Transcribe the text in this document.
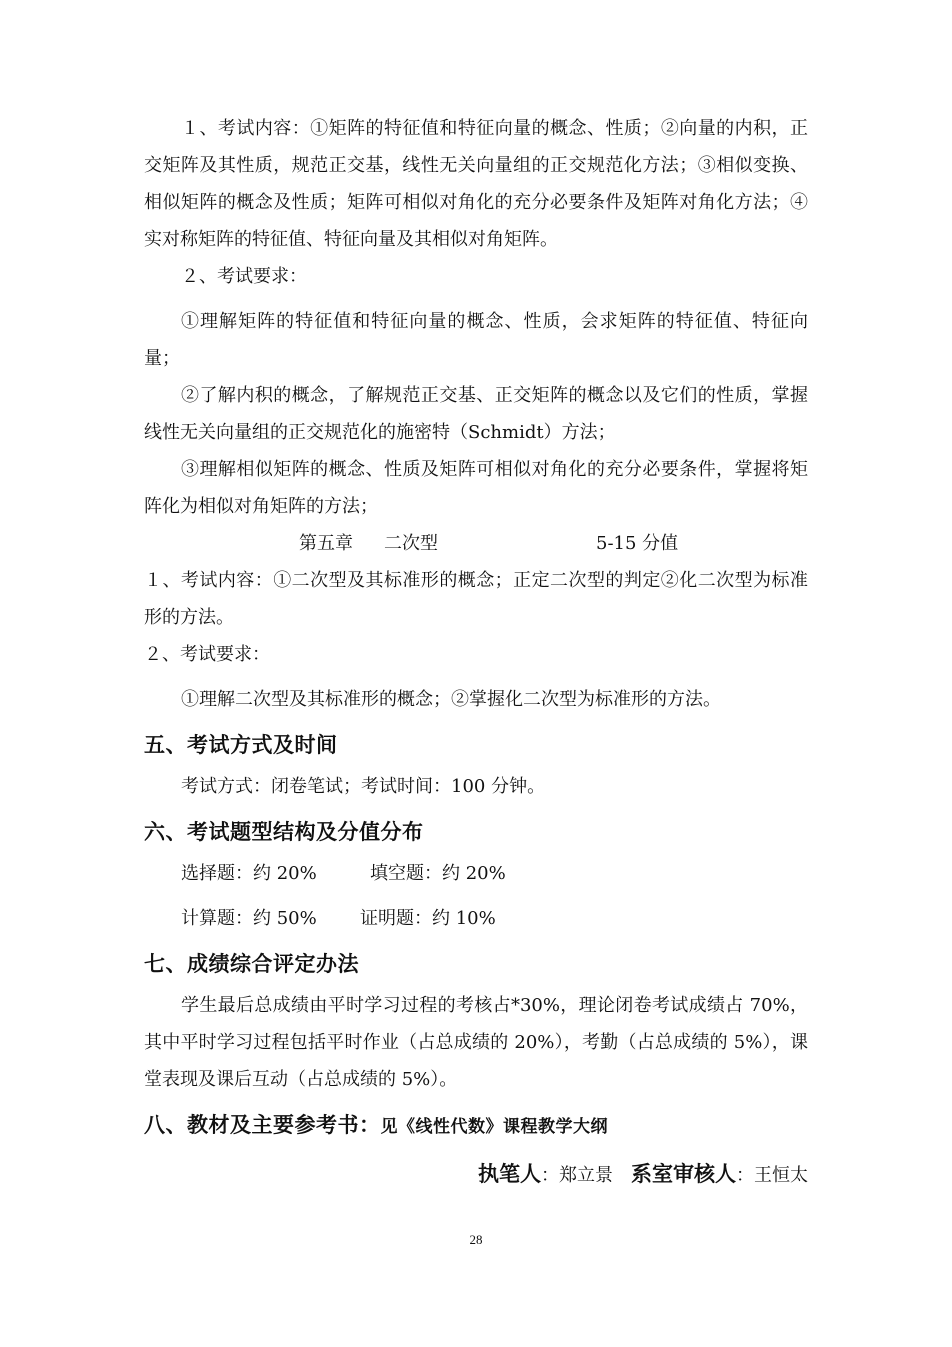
１、考试内容：①矩阵的特征值和特征向量的概念、性质；②向量的内积，正交矩阵及其性质，规范正交基，线性无关向量组的正交规范化方法；③相似变换、相似矩阵的概念及性质；矩阵可相似对角化的充分必要条件及矩阵对角化方法；④实对称矩阵的特征值、特征向量及其相似对角矩阵。

２、考试要求：

①理解矩阵的特征值和特征向量的概念、性质，会求矩阵的特征值、特征向量；

②了解内积的概念，了解规范正交基、正交矩阵的概念以及它们的性质，掌握线性无关向量组的正交规范化的施密特（Schmidt）方法；

③理解相似矩阵的概念、性质及矩阵可相似对角化的充分必要条件，掌握将矩阵化为相似对角矩阵的方法；

第五章 二次型	5-15 分值

１、考试内容：①二次型及其标准形的概念；正定二次型的判定②化二次型为标准形的方法。

２、考试要求：

①理解二次型及其标准形的概念；②掌握化二次型为标准形的方法。

五、考试方式及时间

考试方式：闭卷笔试；考试时间：100 分钟。

六、考试题型结构及分值分布
选择题：约 20%	填空题：约 20%
计算题：约 50% 证明题：约 10%
七、成绩综合评定办法

学生最后总成绩由平时学习过程的考核占*30%，理论闭卷考试成绩占 70%，其中平时学习过程包括平时作业（占总成绩的 20%），考勤（占总成绩的 5%），课堂表现及课后互动（占总成绩的 5%）。

八、教材及主要参考书：见《线性代数》课程教学大纲
执笔人：郑立景 系室审核人：王恒太
28
